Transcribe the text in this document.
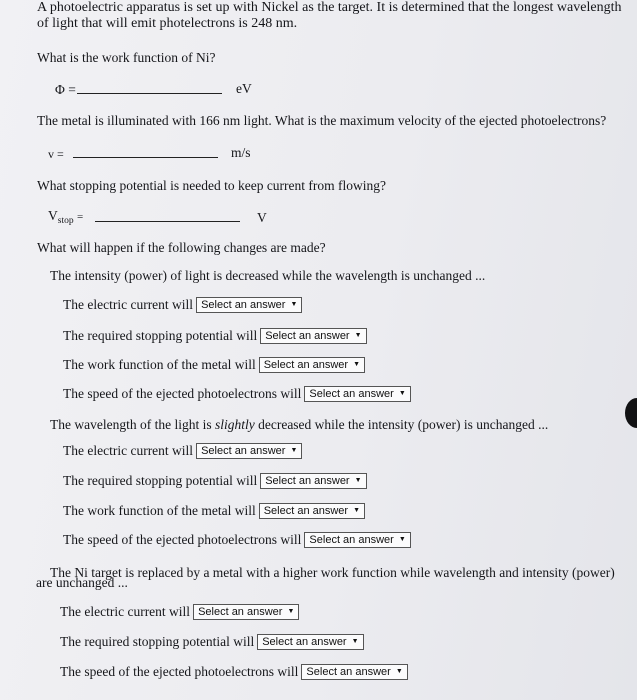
A photoelectric apparatus is set up with Nickel as the target. It is determined that the longest wavelength
of light that will emit photelectrons is 248 nm.
What is the work function of Ni?
Φ =	eV
The metal is illuminated with 166 nm light. What is the maximum velocity of the ejected photoelectrons?
v =	m/s
What stopping potential is needed to keep current from flowing?
$V_{stop}$ =	V
What will happen if the following changes are made?
The intensity (power) of light is decreased while the wavelength is unchanged ...
The electric current will Select an answer ▼
The required stopping potential will Select an answer ▼
The work function of the metal will Select an answer ▼
The speed of the ejected photoelectrons will Select an answer ▼
The wavelength of the light is slightly decreased while the intensity (power) is unchanged ...
The electric current will Select an answer ▼
The required stopping potential will Select an answer ▼
The work function of the metal will Select an answer ▼
The speed of the ejected photoelectrons will Select an answer ▼
The Ni target is replaced by a metal with a higher work function while wavelength and intensity (power)
are unchanged ...
The electric current will Select an answer ▼
The required stopping potential will Select an answer ▼
The speed of the ejected photoelectrons will Select an answer ▼
